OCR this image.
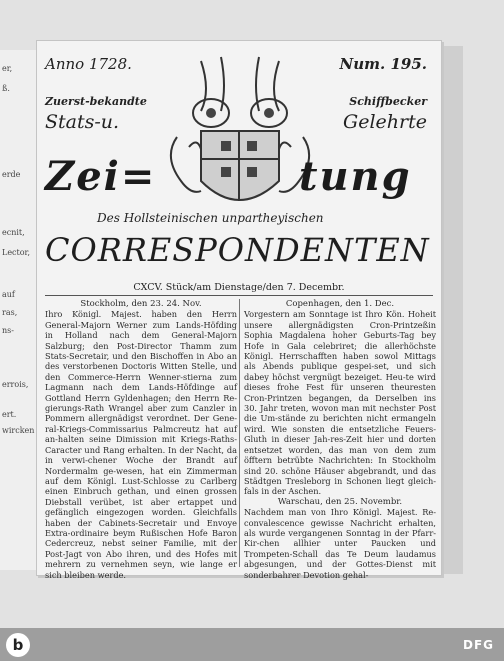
er,
ß.
erde
ecnit,
Lector,
auf
ras,
ns-
errois,
ert.
wircken
Anno 1728.	Num. 195.
Zuerst-bekandte
Stats-u.
Schiffbecker
Gelehrte
Zei=	tung
Des Hollsteinischen unpartheyischen
CORRESPONDENTEN
CXCV. Stück/am Dienstage/den 7. Decembr.

Stockholm, den 23. 24. Nov.

Ihro Königl. Majest. haben den Herrn General-Majorn Werner zum Lands-Höfding in Holland nach dem General-Majorn Salzburg; den Post-Director Thamm zum Stats-Secretair, und den Bischoffen in Abo an des verstorbenen Doctoris Witten Stelle, und den Commerce-Herrn Wenner-stierna zum Lagmann nach dem Lands-Höfdinge auf Gottland Herrn Gyldenhagen; den Herrn Re-gierungs-Rath Wrangel aber zum Canzler in Pommern allergnädigst verordnet. Der Gene-ral-Kriegs-Commissarius Palmcreutz hat auf an-halten seine Dimission mit Kriegs-Raths-Caracter und Rang erhalten. In der Nacht, da in verwi-chener Woche der Brandt auf Nordermalm ge-wesen, hat ein Zimmerman auf dem Königl. Lust-Schlosse zu Carlberg einen Einbruch gethan, und einen grossen Diebstall verübet, ist aber ertappet und gefänglich eingezogen worden. Gleichfalls haben der Cabinets-Secretair und Envoye Extra-ordinaire beym Rußischen Hofe Baron Cedercreuz, nebst seiner Familie, mit der Post-Jagt von Abo ihren, und des Hofes mit mehrern zu vernehmen seyn, wie lange er sich bleiben werde.

Copenhagen, den 1. Dec.

Vorgestern am Sonntage ist Ihro Kön. Hoheit unsere allergnädigsten Cron-Printzeßin Sophia Magdalena hoher Geburts-Tag bey Hofe in Gala celebriret; die allerhöchste Königl. Herrschafften haben sowol Mittags als Abends publique gespei-set, und sich dabey höchst vergnügt bezeiget. Heu-te wird dieses frohe Fest für unseren theuresten Cron-Printzen begangen, da Derselben ins 30. Jahr treten, wovon man mit nechster Post die Um-stände zu berichten nicht ermangeln wird. Wie sonsten die entsetzliche Feuers-Gluth in dieser Jah-res-Zeit hier und dorten entsetzet worden, das man von dem zum öfftern betrübte Nachrichten: In Stockholm sind 20. schöne Häuser abgebrandt, und das Städtgen Tresleborg in Schonen liegt gleich-fals in der Aschen.

Warschau, den 25. Novembr.

Nachdem man von Ihro Königl. Majest. Re-convalescence gewisse Nachricht erhalten, als wurde vergangenen Sonntag in der Pfarr-Kir-chen allhier unter Paucken und Trompeten-Schall das Te Deum laudamus abgesungen, und der Gottes-Dienst mit sonderbahrer Devotion gehal-

b	DFG
